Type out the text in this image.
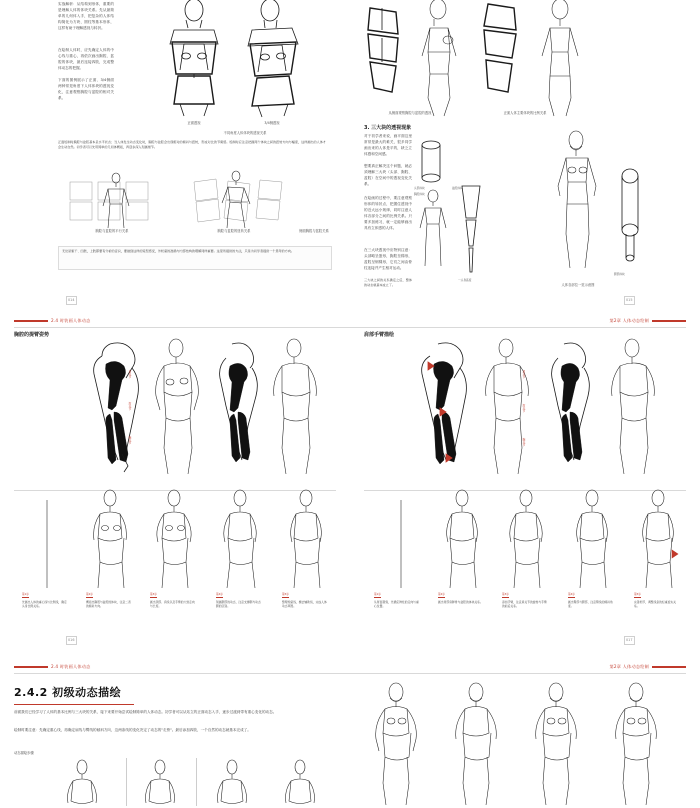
实战解析：从结构到形体，重要的是理解人体的体块关系。先从最简单的几何体入手，把复杂的人体结构简化为方块、圆柱等基本形体，这样有助于理解透视与转折。
在绘制人体时，应先确定人体的中心线与重心，再依次画出胸腔、盆腔的体块，最后连接四肢，完成整体动态的把握。
下面的图例展示了正面、3/4侧面两种常见角度下人体体块的透视变化，注意观察胸腔与盆腔的相对关系。
正面透视	3/4侧透视
不同角度人体体块的透视关系
正面绘制时胸腔与盆腔基本呈水平状态；当人体发生动态变化时，胸腔与盆腔会出现相对的倾斜与扭转，形成对比的节奏感。绘制时应注意把握两个体块之间的扭转方向与幅度，这样画出的人体才会生动自然。初学者可以先用简单的几何体概括，再逐步深入刻画细节。
胸腔与盆腔的平行关系	胸腔与盆腔的扭转关系	侧面胸腔与盆腔关系
无论是躯干、四肢，上肢都要有分析的意识，要做到这样的造型感受，外轮廓的准确与内部结构的理解同样重要。这里所提供的方法，只是为初学者提供一个思考的方向。
014
从侧面观察胸腔与盆腔的透视	正面人体主要体块的比例关系
3. 三大块的透视现象
对于初学者来说，画平面这里常常是最大的难关，很多同学画出来的人体是平的，缺乏立体感和空间感。
想要真正解决这个问题，就必须理解三大块（头部、胸腔、盆腔）在空间中的透视变化关系。
在绘画的过程中，要注意观察形体的转折点，把握住透视中的近大远小规律，同时注意人体各部分之间的比例关系。只要多加练习，就一定能够画出具有立体感的人体。
在三大块透视中应特别注意：头部略呈蛋形，胸腔呈梯形，盆腔呈倒梯形，它们之间由脊柱连接并产生相对运动。
头部体块
胸腔体块
盆腔体块
一头身高度
腿部体块
人体各部位一览示意图
三大块之间的关系确定之后，整体的动态就基本成立了。
015
2.4 时装画人体动态	第2章 人体动态绘制
胸腔的提臂姿势	肩部手臂描绘
肩关节
肘关节
腕关节
第1步
先画出人体的重心线与比例线，确定头身比例关系。
第2步
概括出胸腔与盆腔的体块，注意二者的倾斜方向。
第3步
画出颈部、肩线以及手臂的大致走向与长度。
第4步
刻画腿部的动态，注意支撑腿与动态腿的区别。
第5步
整理轮廓线，擦去辅助线，完成人体动态草图。
016
肩关节
肘关节
腕关节
第1步
从背面观察，先确定脊柱的走向与重心位置。
第2步
画出背部肩胛骨与盆腔的体块关系。
第3步
添加手臂，注意肩关节的旋转与手臂的前后关系。
第4步
画出臀部与腿部，注意臀线的倾斜角度。
第5步
完善细节，调整线条的轻重虚实关系。
017
2.4 时装画人体动态	第2章 人体动态绘制
2.4.2 初级动态描绘
前面我们已经学习了人体的基本比例与三大块的关系，接下来要开始尝试绘制简单的人体动态。初学者可以从站立的正面动态入手，逐步过渡到带有重心变化的动态。
绘制时要注意：先确定重心线，再确定肩线与臀线的倾斜方向，这两条线的变化决定了动态的"走势"。最后添加四肢，一个自然的动态就基本完成了。
动态描绘步骤
